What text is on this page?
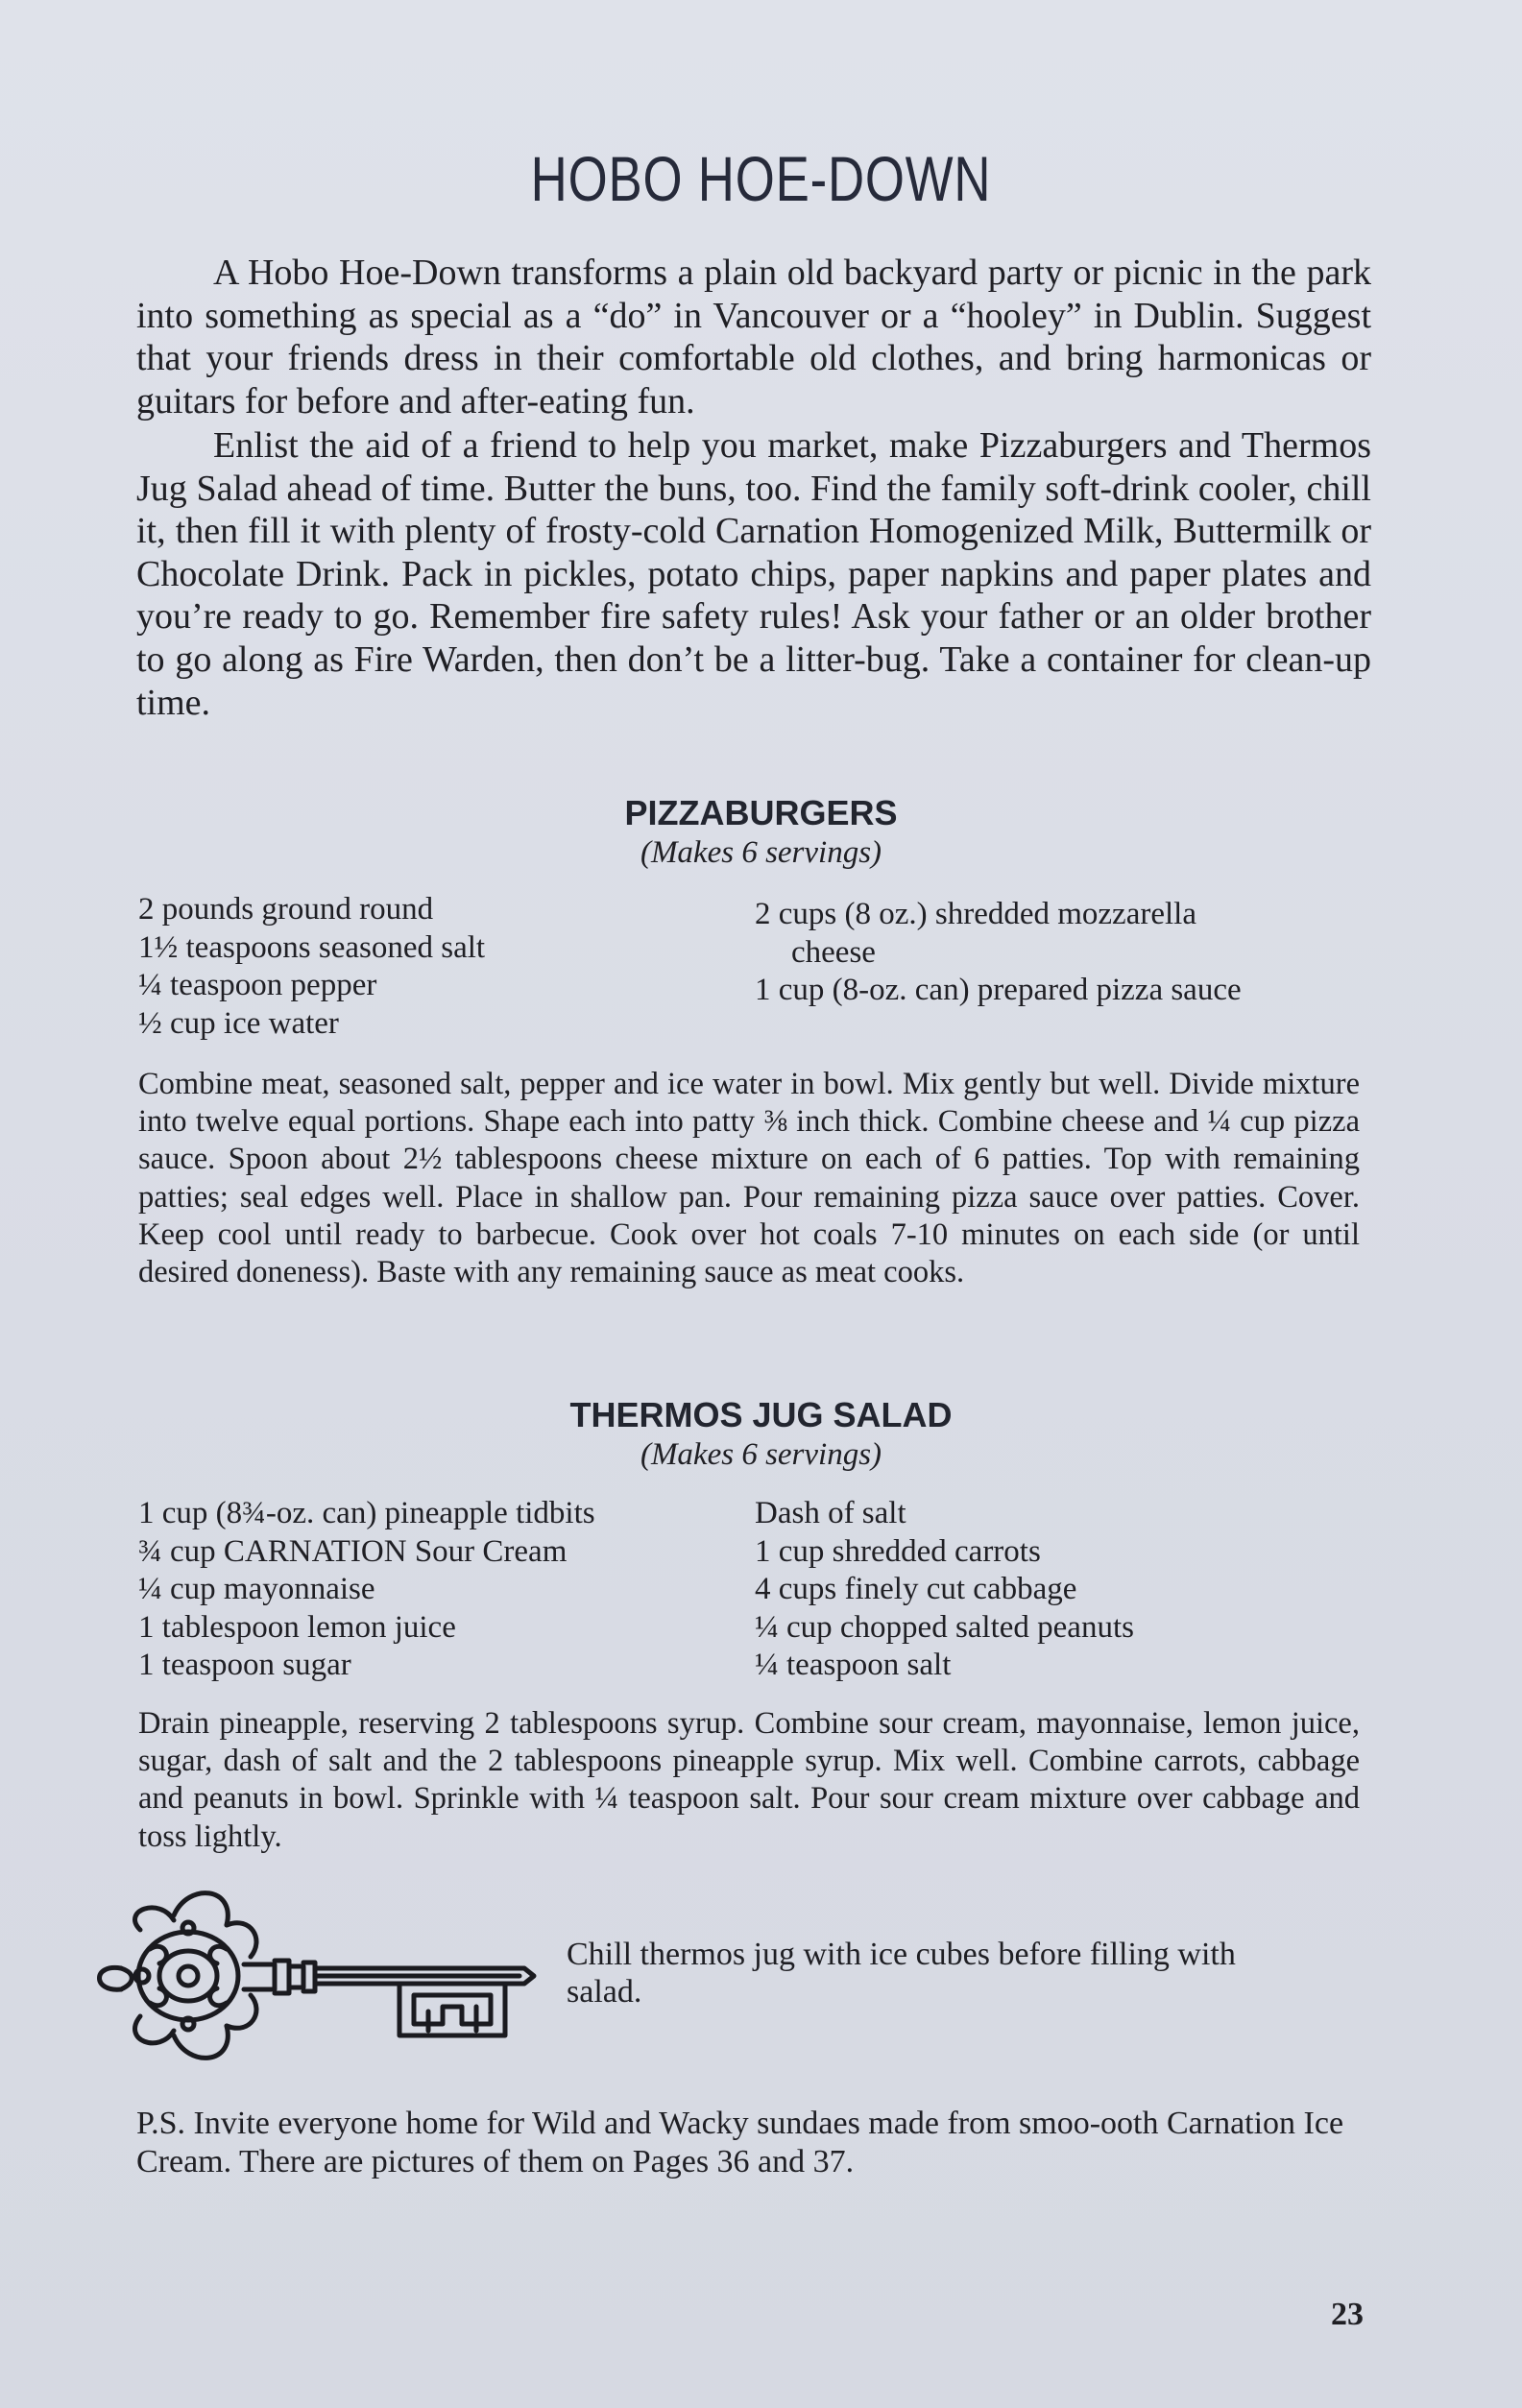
HOBO HOE-DOWN

A Hobo Hoe-Down transforms a plain old backyard party or picnic in the park into something as special as a “do” in Vancouver or a “hooley” in Dublin. Suggest that your friends dress in their comfortable old clothes, and bring harmonicas or guitars for before and after-eating fun.

Enlist the aid of a friend to help you market, make Pizzaburgers and Thermos Jug Salad ahead of time. Butter the buns, too. Find the family soft-drink cooler, chill it, then fill it with plenty of frosty-cold Carnation Homogenized Milk, Buttermilk or Chocolate Drink. Pack in pickles, potato chips, paper napkins and paper plates and you’re ready to go. Remember fire safety rules! Ask your father or an older brother to go along as Fire Warden, then don’t be a litter-bug. Take a container for clean-up time.

PIZZABURGERS
(Makes 6 servings)
2 pounds ground round
1½ teaspoons seasoned salt
¼ teaspoon pepper
½ cup ice water
2 cups (8 oz.) shredded mozzarella
cheese
1 cup (8-oz. can) prepared pizza sauce

Combine meat, seasoned salt, pepper and ice water in bowl. Mix gently but well. Divide mixture into twelve equal portions. Shape each into patty ⅜ inch thick. Combine cheese and ¼ cup pizza sauce. Spoon about 2½ tablespoons cheese mixture on each of 6 patties. Top with remaining patties; seal edges well. Place in shallow pan. Pour remaining pizza sauce over patties. Cover. Keep cool until ready to barbecue. Cook over hot coals 7-10 minutes on each side (or until desired doneness). Baste with any remaining sauce as meat cooks.

THERMOS JUG SALAD
(Makes 6 servings)
1 cup (8¾-oz. can) pineapple tidbits
¾ cup CARNATION Sour Cream
¼ cup mayonnaise
1 tablespoon lemon juice
1 teaspoon sugar
Dash of salt
1 cup shredded carrots
4 cups finely cut cabbage
¼ cup chopped salted peanuts
¼ teaspoon salt

Drain pineapple, reserving 2 tablespoons syrup. Combine sour cream, mayonnaise, lemon juice, sugar, dash of salt and the 2 tablespoons pineapple syrup. Mix well. Combine carrots, cabbage and peanuts in bowl. Sprinkle with ¼ teaspoon salt. Pour sour cream mixture over cabbage and toss lightly.

Chill thermos jug with ice cubes before filling with salad.

P.S. Invite everyone home for Wild and Wacky sundaes made from smoo-ooth Carnation Ice Cream. There are pictures of them on Pages 36 and 37.

23
